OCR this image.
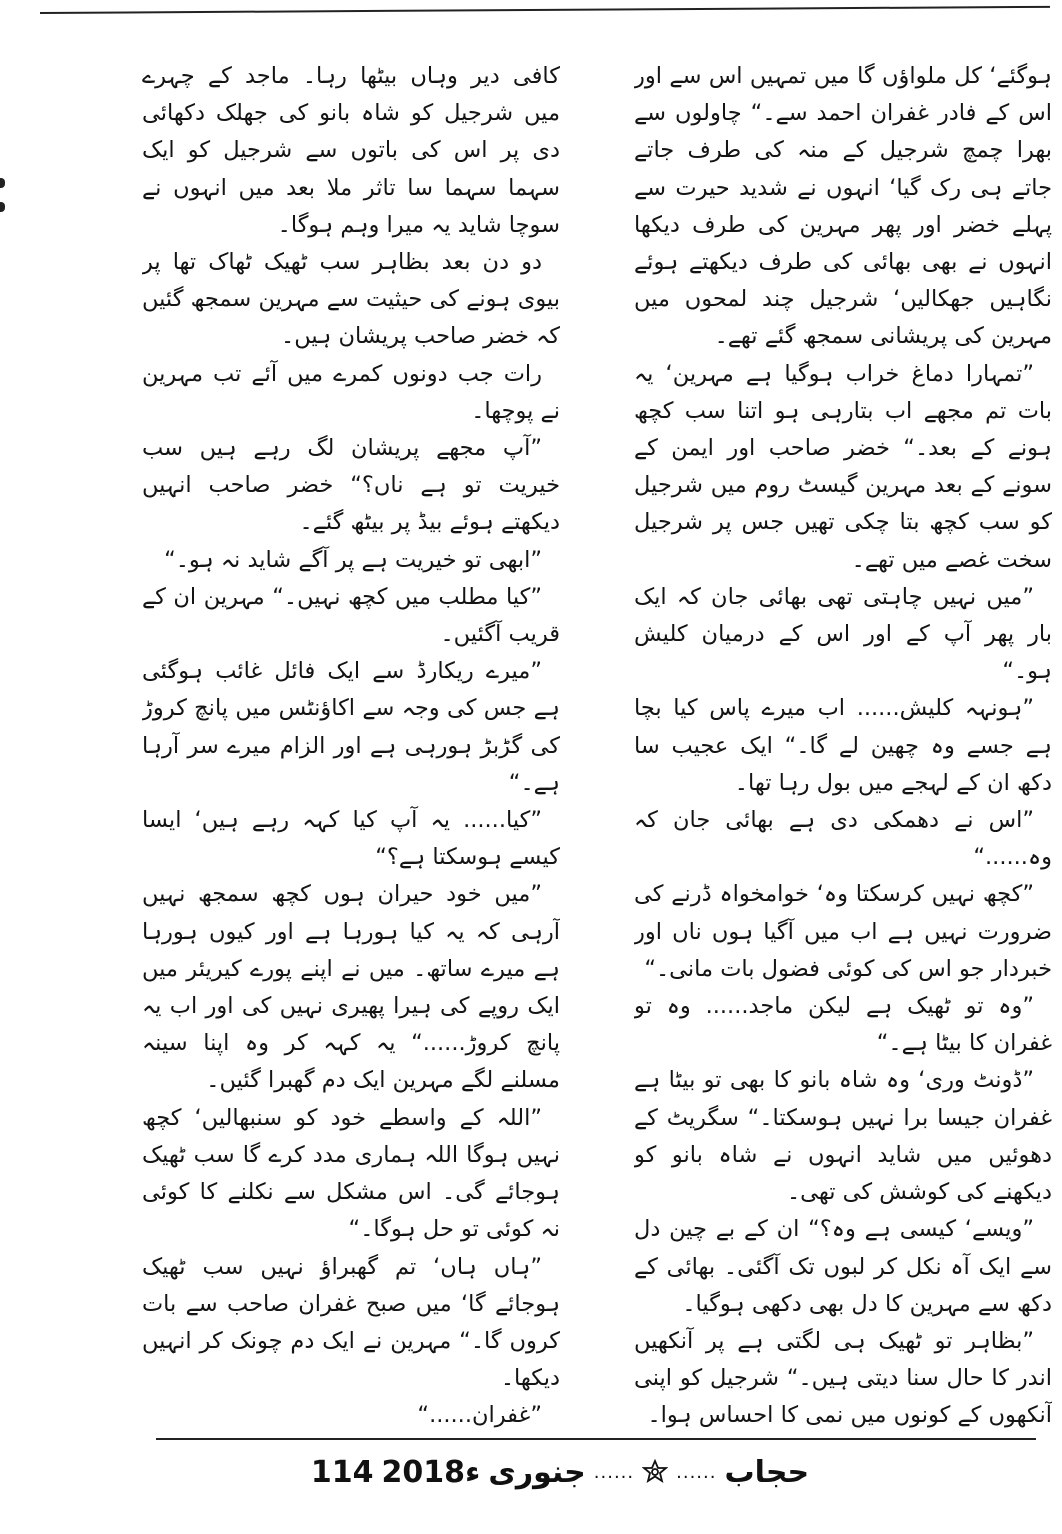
ہوگئے‘ کل ملواؤں گا میں تمہیں اس سے اور اس کے فادر غفران احمد سے۔“ چاولوں سے بھرا چمچ شرجیل کے منہ کی طرف جاتے جاتے ہی رک گیا‘ انہوں نے شدید حیرت سے پہلے خضر اور پھر مہرین کی طرف دیکھا انہوں نے بھی بھائی کی طرف دیکھتے ہوئے نگاہیں جھکالیں‘ شرجیل چند لمحوں میں مہرین کی پریشانی سمجھ گئے تھے۔

”تمہارا دماغ خراب ہوگیا ہے مہرین‘ یہ بات تم مجھے اب بتارہی ہو اتنا سب کچھ ہونے کے بعد۔“ خضر صاحب اور ایمن کے سونے کے بعد مہرین گیسٹ روم میں شرجیل کو سب کچھ بتا چکی تھیں جس پر شرجیل سخت غصے میں تھے۔

”میں نہیں چاہتی تھی بھائی جان کہ ایک بار پھر آپ کے اور اس کے درمیان کلیش ہو۔“

”ہونہہ کلیش...... اب میرے پاس کیا بچا ہے جسے وہ چھین لے گا۔“ ایک عجیب سا دکھ ان کے لہجے میں بول رہا تھا۔

”اس نے دھمکی دی ہے بھائی جان کہ وہ......“

”کچھ نہیں کرسکتا وہ‘ خوامخواہ ڈرنے کی ضرورت نہیں ہے اب میں آگیا ہوں ناں اور خبردار جو اس کی کوئی فضول بات مانی۔“

”وہ تو ٹھیک ہے لیکن ماجد...... وہ تو غفران کا بیٹا ہے۔“

”ڈونٹ وری‘ وہ شاہ بانو کا بھی تو بیٹا ہے غفران جیسا برا نہیں ہوسکتا۔“ سگریٹ کے دھوئیں میں شاید انہوں نے شاہ بانو کو دیکھنے کی کوشش کی تھی۔

”ویسے‘ کیسی ہے وہ؟“ ان کے بے چین دل سے ایک آہ نکل کر لبوں تک آگئی۔ بھائی کے دکھ سے مہرین کا دل بھی دکھی ہوگیا۔

”بظاہر تو ٹھیک ہی لگتی ہے پر آنکھیں اندر کا حال سنا دیتی ہیں۔“ شرجیل کو اپنی آنکھوں کے کونوں میں نمی کا احساس ہوا۔

کافی دیر وہاں بیٹھا رہا۔ ماجد کے چہرے میں شرجیل کو شاہ بانو کی جھلک دکھائی دی پر اس کی باتوں سے شرجیل کو ایک سہما سہما سا تاثر ملا بعد میں انہوں نے سوچا شاید یہ میرا وہم ہوگا۔

دو دن بعد بظاہر سب ٹھیک ٹھاک تھا پر بیوی ہونے کی حیثیت سے مہرین سمجھ گئیں کہ خضر صاحب پریشان ہیں۔

رات جب دونوں کمرے میں آئے تب مہرین نے پوچھا۔

”آپ مجھے پریشان لگ رہے ہیں سب خیریت تو ہے ناں؟“ خضر صاحب انہیں دیکھتے ہوئے بیڈ پر بیٹھ گئے۔

”ابھی تو خیریت ہے پر آگے شاید نہ ہو۔“

”کیا مطلب میں کچھ نہیں۔“ مہرین ان کے قریب آگئیں۔

”میرے ریکارڈ سے ایک فائل غائب ہوگئی ہے جس کی وجہ سے اکاؤنٹس میں پانچ کروڑ کی گڑبڑ ہورہی ہے اور الزام میرے سر آرہا ہے۔“

”کیا...... یہ آپ کیا کہہ رہے ہیں‘ ایسا کیسے ہوسکتا ہے؟“

”میں خود حیران ہوں کچھ سمجھ نہیں آرہی کہ یہ کیا ہورہا ہے اور کیوں ہورہا ہے میرے ساتھ۔ میں نے اپنے پورے کیریئر میں ایک روپے کی ہیرا پھیری نہیں کی اور اب یہ پانچ کروڑ......“ یہ کہہ کر وہ اپنا سینہ مسلنے لگے مہرین ایک دم گھبرا گئیں۔

”اللہ کے واسطے خود کو سنبھالیں‘ کچھ نہیں ہوگا اللہ ہماری مدد کرے گا سب ٹھیک ہوجائے گی۔ اس مشکل سے نکلنے کا کوئی نہ کوئی تو حل ہوگا۔“

”ہاں ہاں‘ تم گھبراؤ نہیں سب ٹھیک ہوجائے گا‘ میں صبح غفران صاحب سے بات کروں گا۔“ مہرین نے ایک دم چونک کر انہیں دیکھا۔

”غفران......“

114 2018ء جنوری ...... ...... حجاب
